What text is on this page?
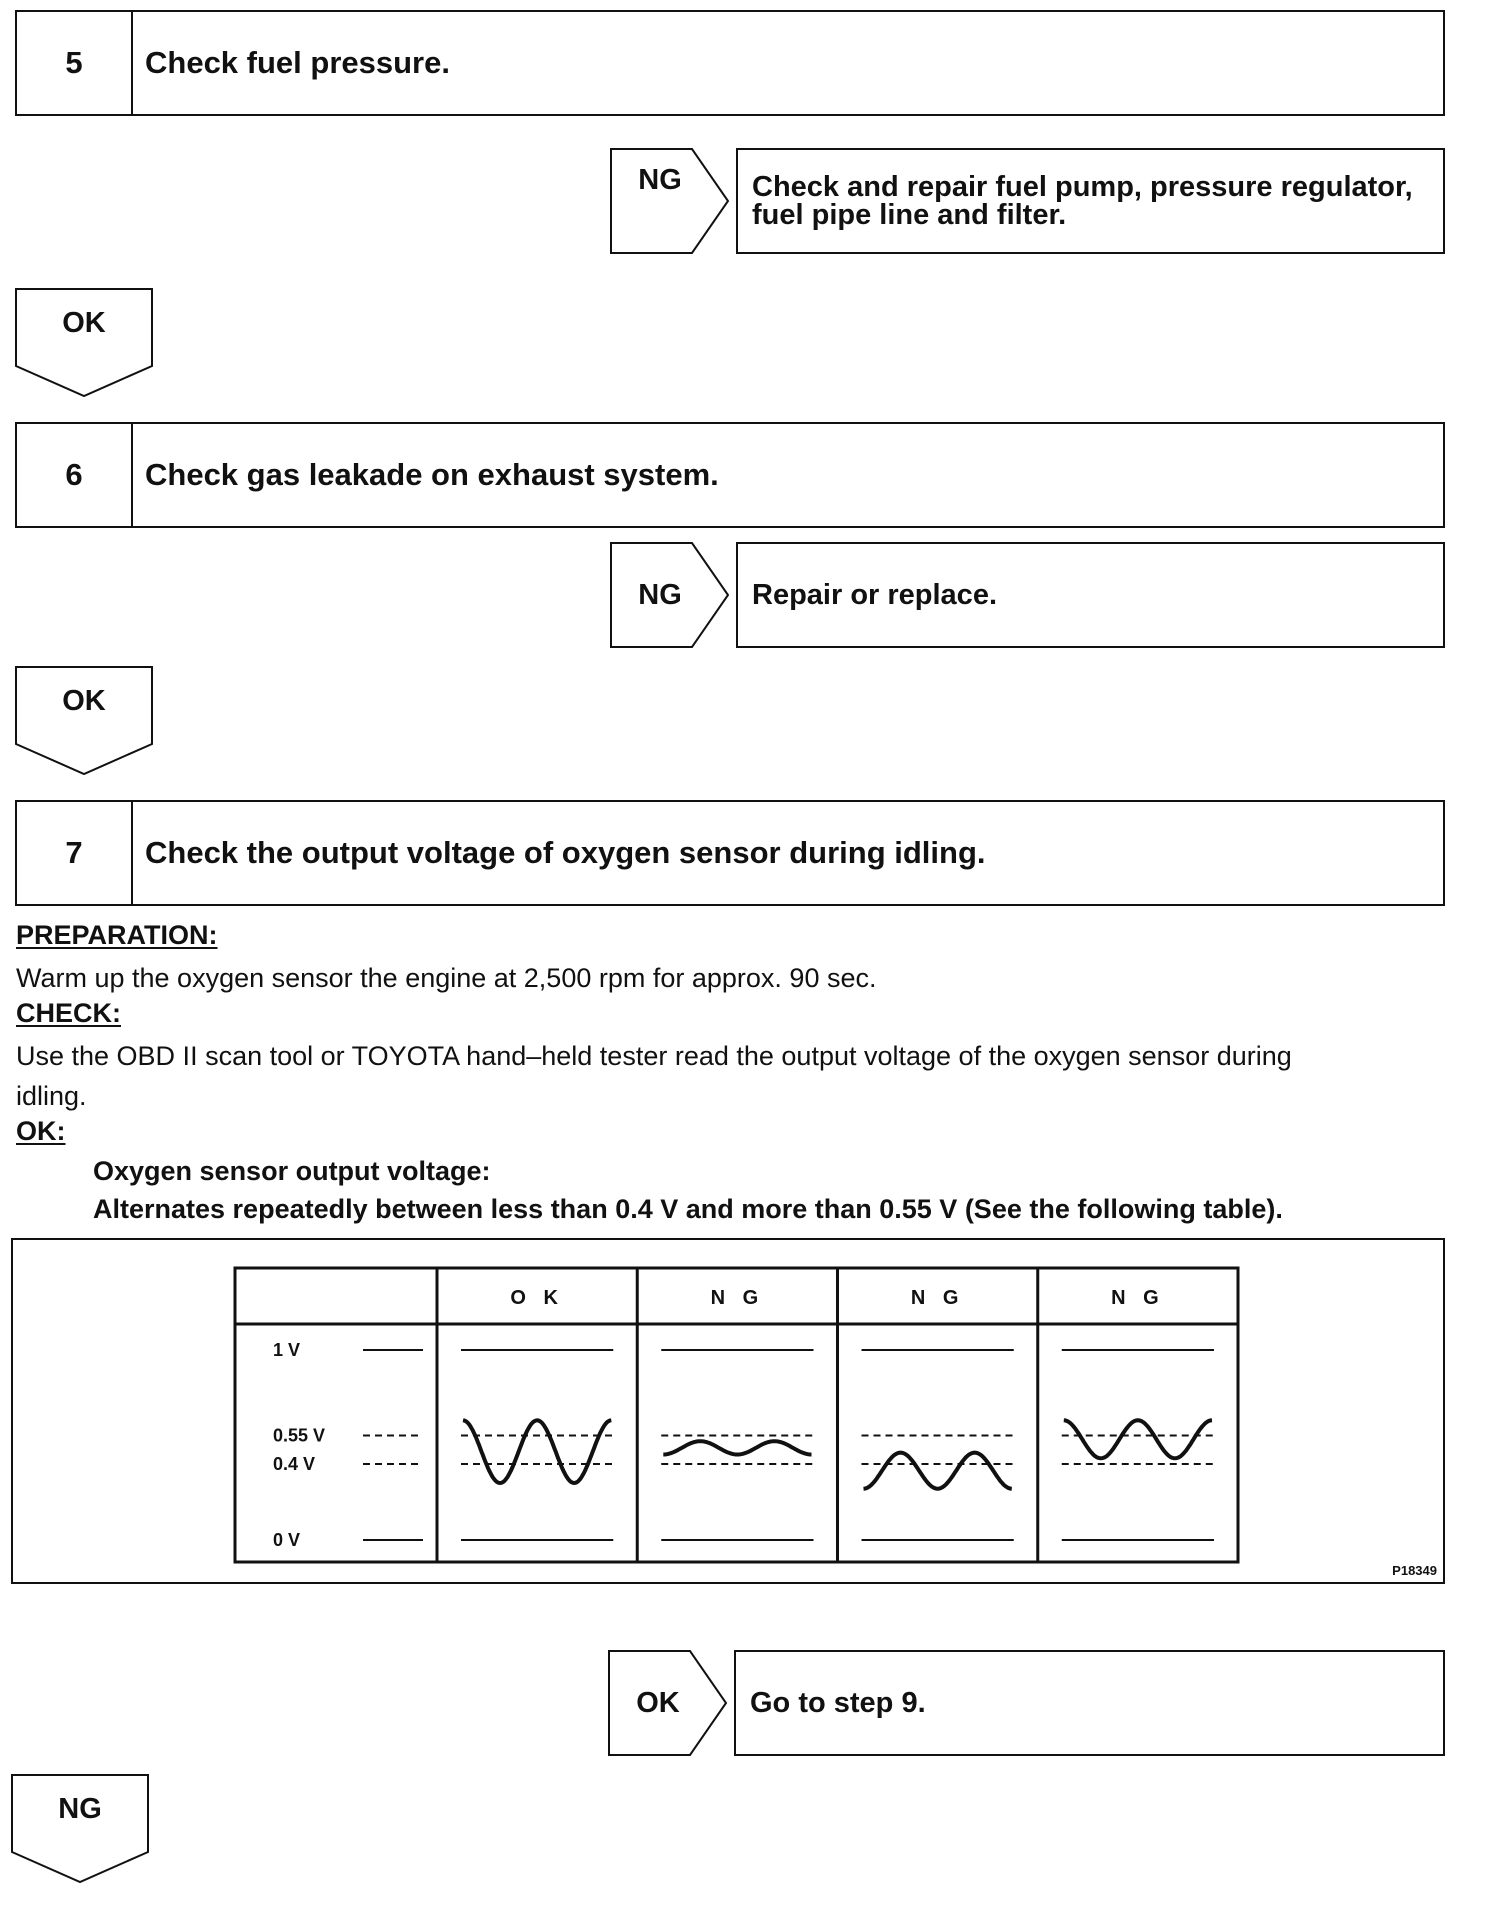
5	Check fuel pressure.
NG	Check and repair fuel pump, pressure regulator,
fuel pipe line and filter.
OK
6	Check gas leakade on exhaust system.
NG	Repair or replace.
OK
7	Check the output voltage of oxygen sensor during idling.
PREPARATION:
Warm up the oxygen sensor the engine at 2,500 rpm for approx. 90 sec.
CHECK:
Use the OBD II scan tool or TOYOTA hand–held tester read the output voltage of the oxygen sensor during
idling.
OK:
Oxygen sensor output voltage:
Alternates repeatedly between less than 0.4 V and more than 0.55 V (See the following table).
1 V
0.55 V
0.4 V
0 V
O K	N G	N G	N G
P18349
OK	Go to step 9.
NG
